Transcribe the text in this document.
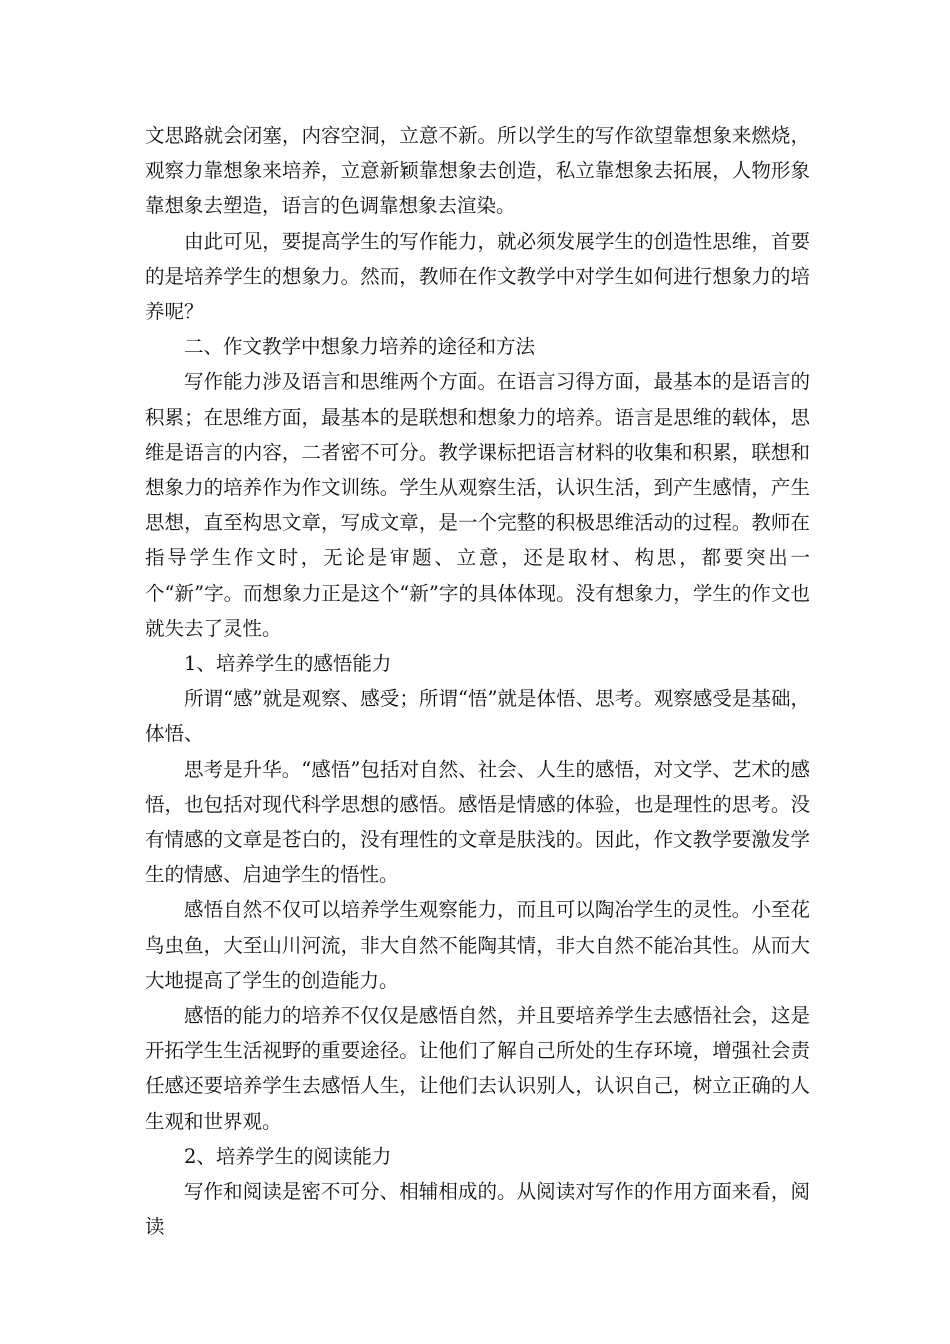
文思路就会闭塞，内容空洞，立意不新。所以学生的写作欲望靠想象来燃烧，观察力靠想象来培养，立意新颖靠想象去创造，私立靠想象去拓展，人物形象靠想象去塑造，语言的色调靠想象去渲染。

由此可见，要提高学生的写作能力，就必须发展学生的创造性思维，首要的是培养学生的想象力。然而，教师在作文教学中对学生如何进行想象力的培养呢？

二、作文教学中想象力培养的途径和方法

写作能力涉及语言和思维两个方面。在语言习得方面，最基本的是语言的积累；在思维方面，最基本的是联想和想象力的培养。语言是思维的载体，思维是语言的内容，二者密不可分。教学课标把语言材料的收集和积累，联想和想象力的培养作为作文训练。学生从观察生活，认识生活，到产生感情，产生思想，直至构思文章，写成文章，是一个完整的积极思维活动的过程。教师在指导学生作文时，无论是审题、立意，还是取材、构思，都要突出一个“新”字。而想象力正是这个“新”字的具体体现。没有想象力，学生的作文也就失去了灵性。

1、培养学生的感悟能力

所谓“感”就是观察、感受；所谓“悟”就是体悟、思考。观察感受是基础，体悟、

思考是升华。“感悟”包括对自然、社会、人生的感悟，对文学、艺术的感悟，也包括对现代科学思想的感悟。感悟是情感的体验，也是理性的思考。没有情感的文章是苍白的，没有理性的文章是肤浅的。因此，作文教学要激发学生的情感、启迪学生的悟性。

感悟自然不仅可以培养学生观察能力，而且可以陶冶学生的灵性。小至花鸟虫鱼，大至山川河流，非大自然不能陶其情，非大自然不能冶其性。从而大大地提高了学生的创造能力。

感悟的能力的培养不仅仅是感悟自然，并且要培养学生去感悟社会，这是开拓学生生活视野的重要途径。让他们了解自己所处的生存环境，增强社会责任感还要培养学生去感悟人生，让他们去认识别人，认识自己，树立正确的人生观和世界观。

2、培养学生的阅读能力

写作和阅读是密不可分、相辅相成的。从阅读对写作的作用方面来看，阅读
